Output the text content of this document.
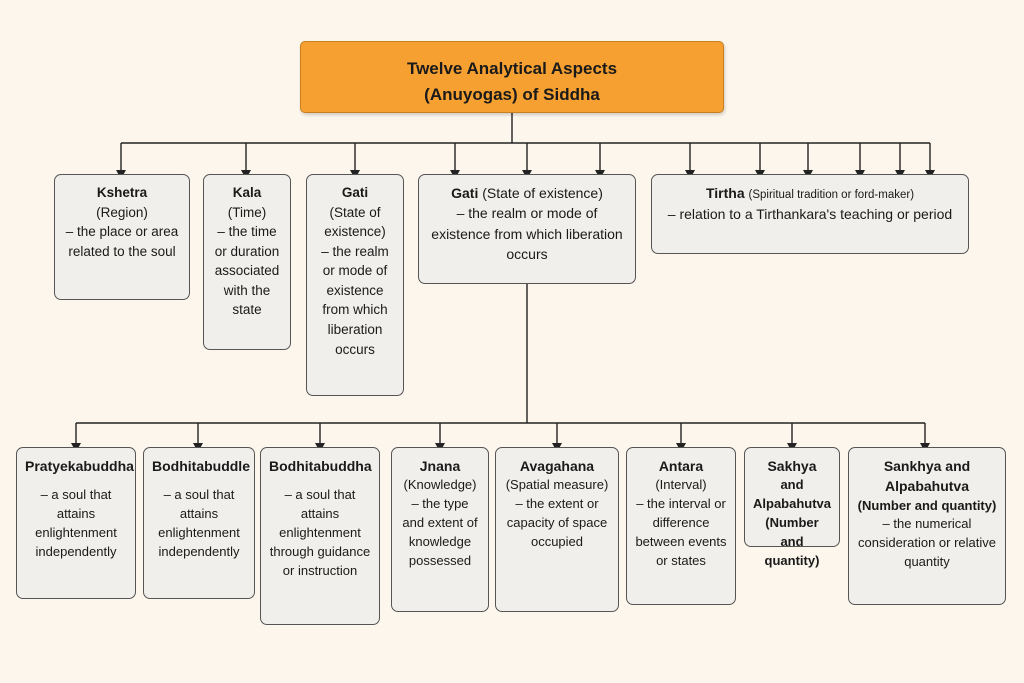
Twelve Analytical Aspects
(Anuyogas) of Siddha
Kshetra
(Region)
– the place or area related to the soul
Kala
(Time)
– the time or duration associated with the state
Gati
(State of existence)
– the realm or mode of existence from which liberation occurs
Gati (State of existence)
– the realm or mode of existence from which liberation occurs
Tirtha (Spiritual tradition or ford-maker)
– relation to a Tirthankara's teaching or period
Pratyekabuddha
– a soul that attains enlightenment independently
Bodhitabuddle
– a soul that attains enlightenment independently
Bodhitabuddha
– a soul that attains enlightenment through guidance or instruction
Jnana
(Knowledge)
– the type and extent of knowledge possessed
Avagahana
(Spatial measure)
– the extent or capacity of space occupied
Antara
(Interval)
– the interval or difference between events or states
Sakhya
and Alpabahutva (Number and quantity)
Sankhya and Alpabahutva
(Number and quantity)
– the numerical consideration or relative quantity
